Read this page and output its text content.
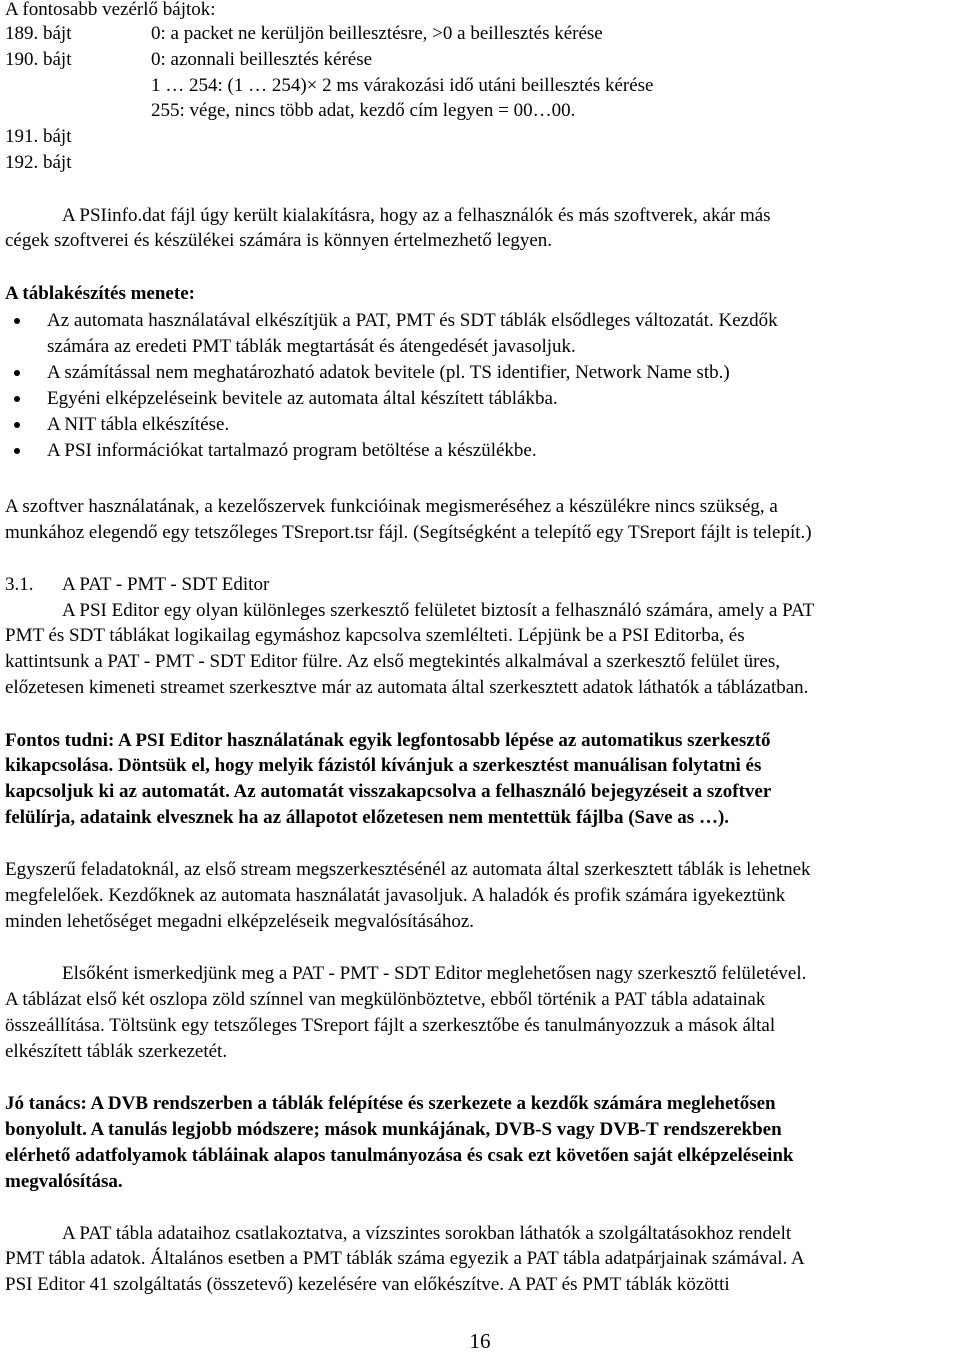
A fontosabb vezérlő bájtok:
189. bájt	0: a packet ne kerüljön beillesztésre, >0 a beillesztés kérése
190. bájt	0: azonnali beillesztés kérése
1 … 254: (1 … 254)× 2 ms várakozási idő utáni beillesztés kérése
255: vége, nincs több adat, kezdő cím legyen = 00…00.
191. bájt
192. bájt
A PSIinfo.dat fájl úgy került kialakításra, hogy az a felhasználók és más szoftverek, akár más
cégek szoftverei és készülékei számára is könnyen értelmezhető legyen.
A táblakészítés menete:
Az automata használatával elkészítjük a PAT, PMT és SDT táblák elsődleges változatát. Kezdők
számára az eredeti PMT táblák megtartását és átengedését javasoljuk.
A számítással nem meghatározható adatok bevitele (pl. TS identifier, Network Name stb.)
Egyéni elképzeléseink bevitele az automata által készített táblákba.
A NIT tábla elkészítése.
A PSI információkat tartalmazó program betöltése a készülékbe.
A szoftver használatának, a kezelőszervek funkcióinak megismeréséhez a készülékre nincs szükség, a
munkához elegendő egy tetszőleges TSreport.tsr fájl. (Segítségként a telepítő egy TSreport fájlt is telepít.)
3.1. A PAT - PMT - SDT Editor
A PSI Editor egy olyan különleges szerkesztő felületet biztosít a felhasználó számára, amely a PAT
PMT és SDT táblákat logikailag egymáshoz kapcsolva szemlélteti. Lépjünk be a PSI Editorba, és
kattintsunk a PAT - PMT - SDT Editor fülre. Az első megtekintés alkalmával a szerkesztő felület üres,
előzetesen kimeneti streamet szerkesztve már az automata által szerkesztett adatok láthatók a táblázatban.
Fontos tudni: A PSI Editor használatának egyik legfontosabb lépése az automatikus szerkesztő
kikapcsolása. Döntsük el, hogy melyik fázistól kívánjuk a szerkesztést manuálisan folytatni és
kapcsoljuk ki az automatát. Az automatát visszakapcsolva a felhasználó bejegyzéseit a szoftver
felülírja, adataink elvesznek ha az állapotot előzetesen nem mentettük fájlba (Save as …).
Egyszerű feladatoknál, az első stream megszerkesztésénél az automata által szerkesztett táblák is lehetnek
megfelelőek. Kezdőknek az automata használatát javasoljuk. A haladók és profik számára igyekeztünk
minden lehetőséget megadni elképzeléseik megvalósításához.
Elsőként ismerkedjünk meg a PAT - PMT - SDT Editor meglehetősen nagy szerkesztő felületével.
A táblázat első két oszlopa zöld színnel van megkülönböztetve, ebből történik a PAT tábla adatainak
összeállítása. Töltsünk egy tetszőleges TSreport fájlt a szerkesztőbe és tanulmányozzuk a mások által
elkészített táblák szerkezetét.
Jó tanács: A DVB rendszerben a táblák felépítése és szerkezete a kezdők számára meglehetősen
bonyolult. A tanulás legjobb módszere; mások munkájának, DVB-S vagy DVB-T rendszerekben
elérhető adatfolyamok tábláinak alapos tanulmányozása és csak ezt követően saját elképzeléseink
megvalósítása.
A PAT tábla adataihoz csatlakoztatva, a vízszintes sorokban láthatók a szolgáltatásokhoz rendelt
PMT tábla adatok. Általános esetben a PMT táblák száma egyezik a PAT tábla adatpárjainak számával. A
PSI Editor 41 szolgáltatás (összetevő) kezelésére van előkészítve. A PAT és PMT táblák közötti
16
